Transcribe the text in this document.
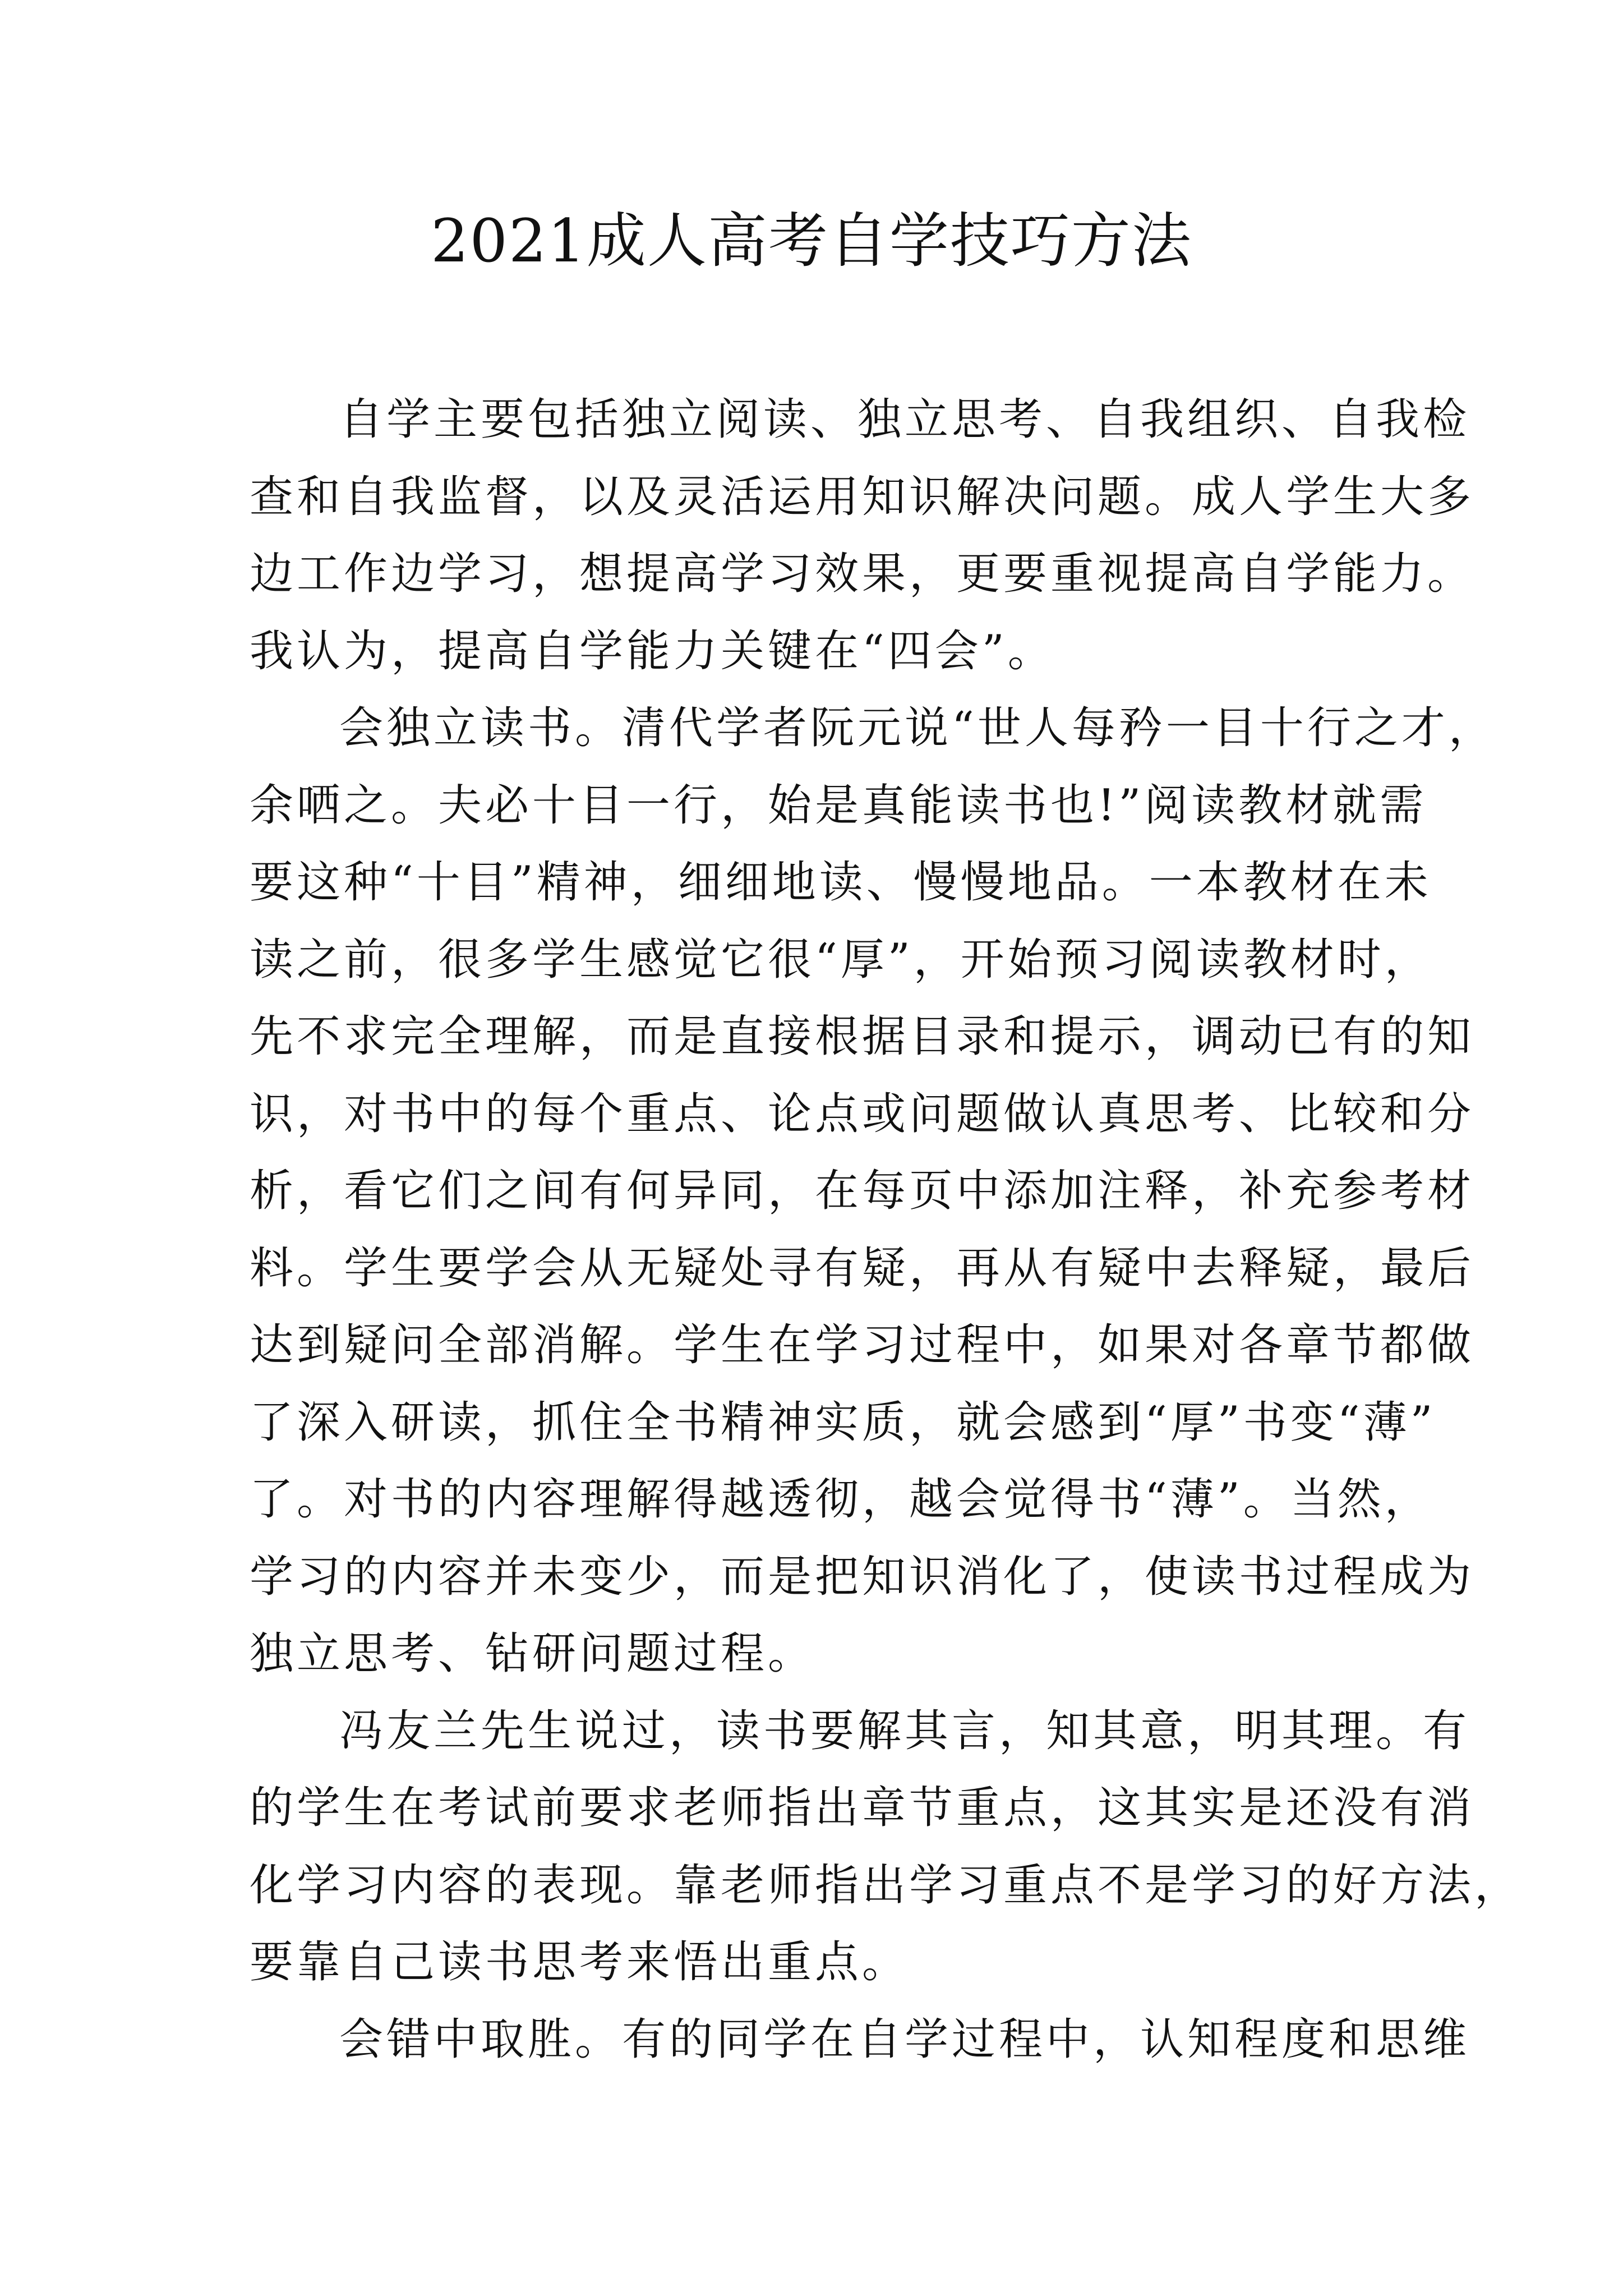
2021成人高考自学技巧方法

自学主要包括独立阅读、独立思考、自我组织、自我检

查和自我监督，以及灵活运用知识解决问题。成人学生大多

边工作边学习，想提高学习效果，更要重视提高自学能力。

我认为，提高自学能力关键在“四会”。

会独立读书。清代学者阮元说“世人每矜一目十行之才，

余哂之。夫必十目一行，始是真能读书也!”阅读教材就需

要这种“十目”精神，细细地读、慢慢地品。一本教材在未

读之前，很多学生感觉它很“厚”，开始预习阅读教材时，

先不求完全理解，而是直接根据目录和提示，调动已有的知

识，对书中的每个重点、论点或问题做认真思考、比较和分

析，看它们之间有何异同，在每页中添加注释，补充参考材

料。学生要学会从无疑处寻有疑，再从有疑中去释疑，最后

达到疑问全部消解。学生在学习过程中，如果对各章节都做

了深入研读，抓住全书精神实质，就会感到“厚”书变“薄”

了。对书的内容理解得越透彻，越会觉得书“薄”。当然，

学习的内容并未变少，而是把知识消化了，使读书过程成为

独立思考、钻研问题过程。

冯友兰先生说过，读书要解其言，知其意，明其理。有

的学生在考试前要求老师指出章节重点，这其实是还没有消

化学习内容的表现。靠老师指出学习重点不是学习的好方法，

要靠自己读书思考来悟出重点。

会错中取胜。有的同学在自学过程中，认知程度和思维
